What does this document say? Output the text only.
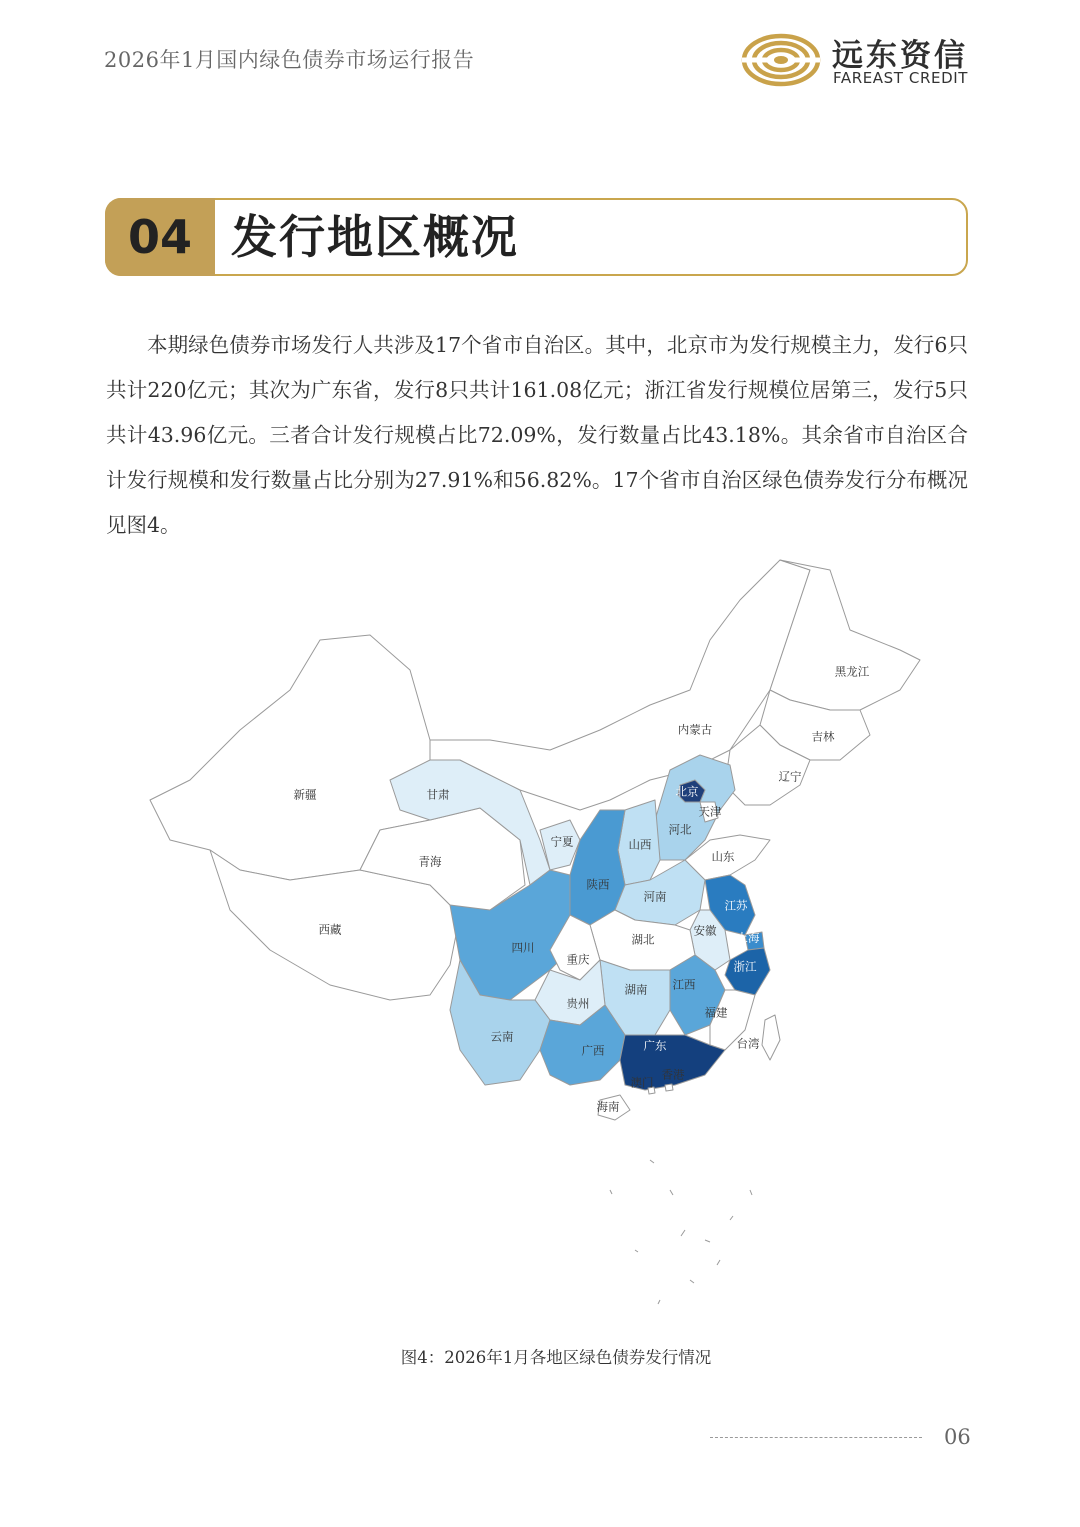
2026年1月国内绿色债券市场运行报告	远东资信
FAREAST CREDIT
04 发行地区概况

本期绿色债券市场发行人共涉及17个省市自治区。其中，北京市为发行规模主力，发行6只共计220亿元；其次为广东省，发行8只共计161.08亿元；浙江省发行规模位居第三，发行5只共计43.96亿元。三者合计发行规模占比72.09%，发行数量占比43.18%。其余省市自治区合计发行规模和发行数量占比分别为27.91%和56.82%。17个省市自治区绿色债券发行分布概况见图4。

新疆
西藏
青海
甘肃
内蒙古
黑龙江
吉林
辽宁
北京
天津
河北
山西
宁夏
陕西
山东
河南
江苏
上海
安徽
湖北
四川
重庆	浙江
湖南 江西
贵州
云南
福建
台湾
广西	广东
澳门
香港
海南
图4：2026年1月各地区绿色债券发行情况
06
